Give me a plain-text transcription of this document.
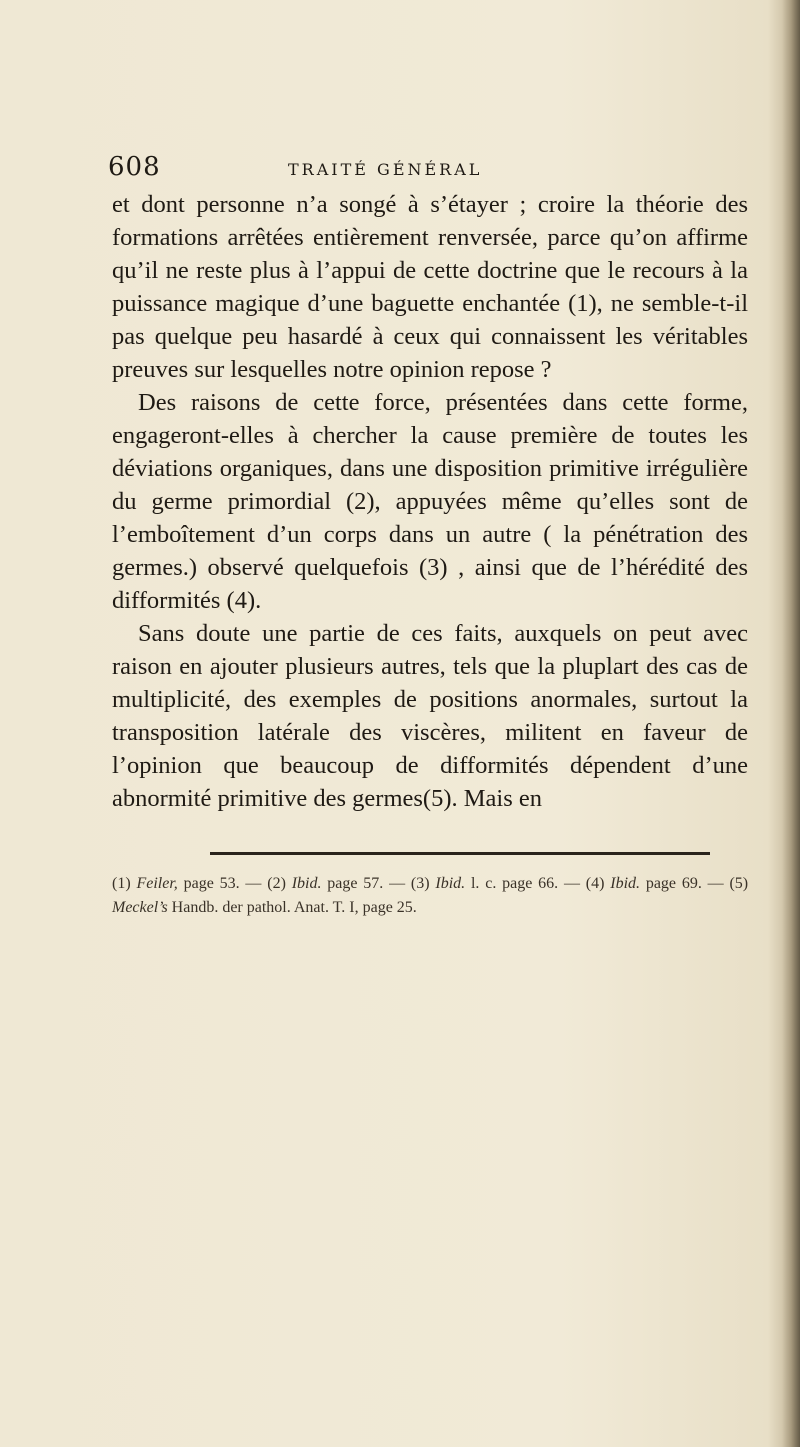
608	TRAITÉ GÉNÉRAL

et dont personne n’a songé à s’étayer ; croire la théorie des formations arrêtées entièrement renversée, parce qu’on affirme qu’il ne reste plus à l’appui de cette doctrine que le recours à la puissance magique d’une baguette enchantée (1), ne semble-t-il pas quelque peu hasardé à ceux qui connaissent les véritables preuves sur lesquelles notre opinion repose ?

Des raisons de cette force, présentées dans cette forme, engageront-elles à chercher la cause première de toutes les déviations organiques, dans une disposition primitive irrégulière du germe primordial (2), appuyées même qu’elles sont de l’emboîtement d’un corps dans un autre ( la pénétration des germes.) observé quelquefois (3) , ainsi que de l’hérédité des difformités (4).

Sans doute une partie de ces faits, auxquels on peut avec raison en ajouter plusieurs autres, tels que la pluplart des cas de multiplicité, des exemples de positions anormales, surtout la transposition latérale des viscères, militent en faveur de l’opinion que beaucoup de difformités dépendent d’une abnormité primitive des germes(5). Mais en

(1) Feiler, page 53. — (2) Ibid. page 57. — (3) Ibid. l. c. page 66. — (4) Ibid. page 69. — (5) Meckel’s Handb. der pathol. Anat. T. I, page 25.
